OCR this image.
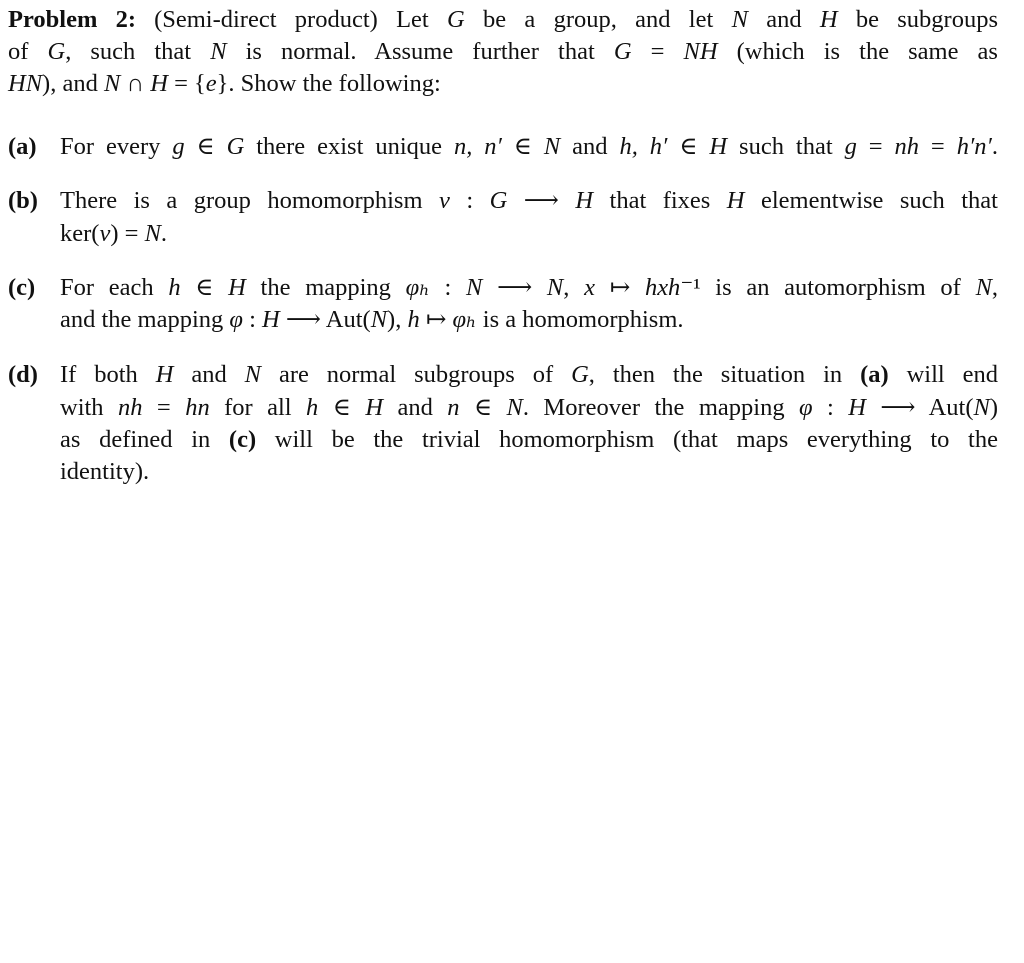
Problem 2: (Semi-direct product) Let G be a group, and let N and H be subgroups
of G, such that N is normal. Assume further that G = NH (which is the same as
HN), and N ∩ H = {e}. Show the following:
(a) For every g ∈ G there exist unique n, n′ ∈ N and h, h′ ∈ H such that g = nh = h′n′.
(b) There is a group homomorphism ν : G ⟶ H that fixes H elementwise such that
ker(ν) = N.
(c) For each h ∈ H the mapping φₕ : N ⟶ N, x ↦ hxh⁻¹ is an automorphism of N,
and the mapping φ : H ⟶ Aut(N), h ↦ φₕ is a homomorphism.
(d) If both H and N are normal subgroups of G, then the situation in (a) will end
with nh = hn for all h ∈ H and n ∈ N. Moreover the mapping φ : H ⟶ Aut(N)
as defined in (c) will be the trivial homomorphism (that maps everything to the
identity).
